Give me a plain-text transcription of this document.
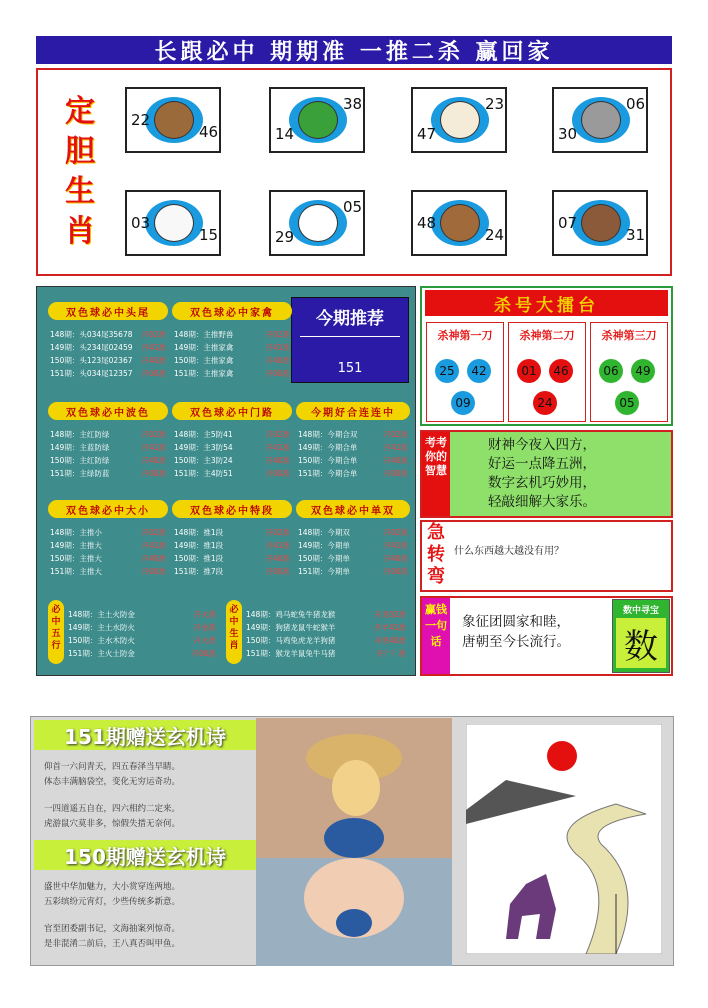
长跟必中 期期准 一推二杀 赢回家
定
胆
生
肖
22
46	14
38
47
23
30
06
03
15	29
05
48
24
07
31
今期推荐
151
双色球必中头尾
148期：头034尾35678 开02准
149期：头234尾02459 开41准
150期：头123尾02367 开40准
151期：头034尾12357 开00准
双色球必中家禽
148期：主推野兽	开02准
149期：主推家禽	开41准
150期：主推家禽	开40准
151期：主推家禽	开00准
双色球必中波色
148期：主红防绿	开02准
149期：主蓝防绿	开41准
150期：主红防绿	开40准
151期：主绿防蓝	开00准
双色球必中门路
148期：主5防41	开02准
149期：主3防54	开41准
150期：主3防24	开40准
151期：主4防51	开00准
今期好合连连中
148期：今期合双	开02准
149期：今期合单	开41准
150期：今期合单	开40准
151期：今期合单	开00准
双色球必中大小
148期：主推小	开02准
149期：主推大	开41准
150期：主推大	开40准
151期：主推大	开00准
双色球必中特段
148期：推1段	开02准
149期：推1段	开41准
150期：推1段	开40准
151期：推7段	开00准
双色球必中单双
148期：今期双	开02准
149期：今期单	开41准
150期：今期单	开40准
151期：今期单	开00准
必中五行
148期：主土火防金	开火准
149期：主土水防火	开金准
150期：主水木防火	开火准
151期：主火土防金	开00准
必中生肖
148期：鸡马蛇兔牛猪龙猴	开龙02准
149期：狗猪龙鼠牛蛇猴羊	开羊41准
150期：马鸡兔虎龙羊狗猪	开虎40准
151期：猴龙羊鼠兔牛马猪	开？？准
杀号大擂台
杀神第一刀
25	42
09
杀神第二刀
01	46
24
杀神第三刀
06	49
05
考考你的智慧
财神今夜入四方，
好运一点降五洲，
数字玄机巧妙用，
轻敲细解大家乐。
急转弯
什么东西越大越没有用？
赢钱一句话
象征团圆家和睦，
唐朝至今长流行。
数中寻宝
数
151期赠送玄机诗
仰首一六问青天，四五春泽当早睛。
体态丰满脑袋空，变化无穷运奇功。
一四道遥五自在，四六相约二定来。
虎游鼠穴莫非多，惊假失措无奈何。
150期赠送玄机诗
盛世中华加魅力，大小赏穿连两地。
五彩缤纷元宵灯，少些传统多新意。
官至团委副书记，文海抽案列惊奇。
是非混淆二前后，王八真否叫甲鱼。
